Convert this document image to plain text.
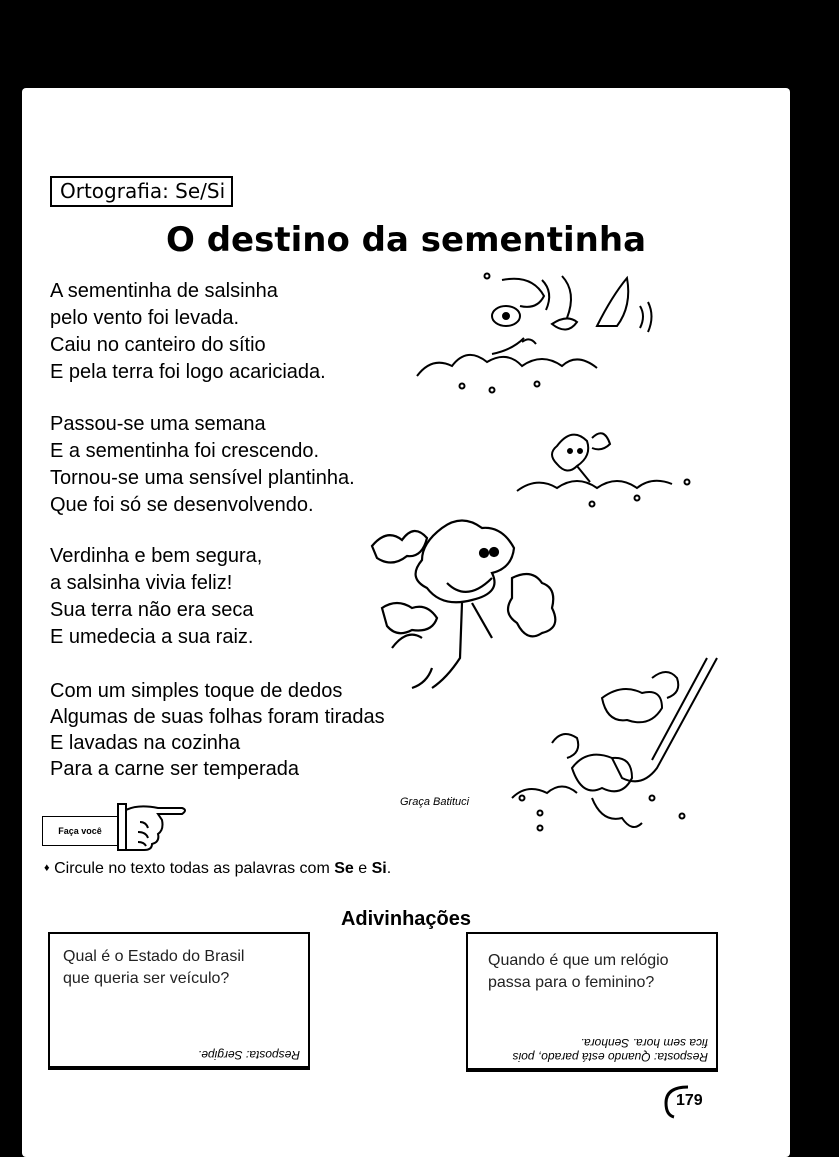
Ortografia: Se/Si
O destino da sementinha
A sementinha de salsinha
pelo vento foi levada.
Caiu no canteiro do sítio
E pela terra foi logo acariciada.
Passou-se uma semana
E a sementinha foi crescendo.
Tornou-se uma sensível plantinha.
Que foi só se desenvolvendo.
Verdinha e bem segura,
a salsinha vivia feliz!
Sua terra não era seca
E umedecia a sua raiz.
Com um simples toque de dedos
Algumas de suas folhas foram tiradas
E lavadas na cozinha
Para a carne ser temperada
Graça Batituci
Faça você
♦ Circule no texto todas as palavras com Se e Si.
Adivinhações
Qual é o Estado do Brasil
que queria ser veículo?
Resposta: Sergipe.
Quando é que um relógio
passa para o feminino?
Resposta: Quando está parado, pois
fica sem hora. Senhora.
179
